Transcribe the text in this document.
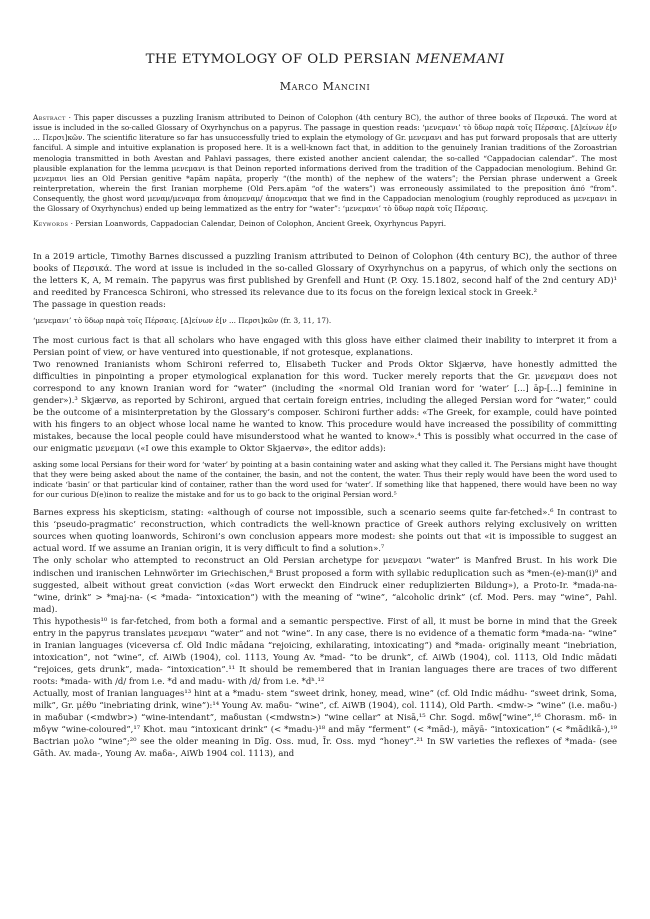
THE ETYMOLOGY OF OLD PERSIAN MENEMANI
Marco Mancini
Abstract · This paper discusses a puzzling Iranism attributed to Deinon of Colophon (4th century BC), the author of three books of Περσικά. The word at issue is included in the so-called Glossary of Oxyrhynchus on a papyrus. The passage in question reads: ‘μενεμανι’ τὸ ὕδωρ παρὰ τοῖς Πέρσαις. [Δ]είνων ἐ[ν ... Περσι]κῶν. The scientific literature so far has unsuccessfully tried to explain the etymology of Gr. μενεμανι and has put forward proposals that are utterly fanciful. A simple and intuitive explanation is proposed here. It is a well-known fact that, in addition to the genuinely Iranian traditions of the Zoroastrian menologia transmitted in both Avestan and Pahlavi passages, there existed another ancient calendar, the so-called “Cappadocian calendar”. The most plausible explanation for the lemma μενεμανι is that Deinon reported informations derived from the tradition of the Cappadocian menologium. Behind Gr. μενεμανι lies an Old Persian genitive *apām napāta, properly “(the month) of the nephew of the waters”; the Persian phrase underwent a Greek reinterpretation, wherein the first Iranian morpheme (Old Pers.apām “of the waters”) was erroneously assimilated to the preposition ἀπό “from”. Consequently, the ghost word μεναμ/μεναμα from ἀπομεναμ/ ἀπομεναμα that we find in the Cappadocian menologium (roughly reproduced as μενεμανι in the Glossary of Oxyrhynchus) ended up being lemmatized as the entry for “water”: ‘μενεμανι’ τὸ ὕδωρ παρὰ τοῖς Πέρσαις.
Keywords · Persian Loanwords, Cappadocian Calendar, Deinon of Colophon, Ancient Greek, Oxyrhyncus Papyri.

In a 2019 article, Timothy Barnes discussed a puzzling Iranism attributed to Deinon of Colophon (4th century BC), the author of three books of Περσικά. The word at issue is included in the so-called Glossary of Oxyrhynchus on a papyrus, of which only the sections on the letters K, A, M remain. The papyrus was first published by Grenfell and Hunt (P. Oxy. 15.1802, second half of the 2nd century AD)¹ and reedited by Francesca Schironi, who stressed its relevance due to its focus on the foreign lexical stock in Greek.²

The passage in question reads:

‘μενεμανι’ τὸ ὕδωρ παρὰ τοῖς Πέρσαις. [Δ]είνων ἐ[ν ... Περσι]κῶν (fr. 3, 11, 17).

The most curious fact is that all scholars who have engaged with this gloss have either claimed their inability to interpret it from a Persian point of view, or have ventured into questionable, if not grotesque, explanations.

Two renowned Iranianists whom Schironi referred to, Elisabeth Tucker and Prods Oktor Skjærvø, have honestly admitted the difficulties in pinpointing a proper etymological explanation for this word. Tucker merely reports that the Gr. μενεμανι does not correspond to any known Iranian word for “water” (including the «normal Old Iranian word for ‘water’ [...] āp-[...] feminine in gender»).³ Skjærvø, as reported by Schironi, argued that certain foreign entries, including the alleged Persian word for “water,” could be the outcome of a misinterpretation by the Glossary’s composer. Schironi further adds: «The Greek, for example, could have pointed with his fingers to an object whose local name he wanted to know. This procedure would have increased the possibility of committing mistakes, because the local people could have misunderstood what he wanted to know».⁴ This is possibly what occurred in the case of our enigmatic μενεμανι («I owe this example to Oktor Skjaervø», the editor adds):

asking some local Persians for their word for ‘water’ by pointing at a basin containing water and asking what they called it. The Persians might have thought that they were being asked about the name of the container, the basin, and not the content, the water. Thus their reply would have been the word used to indicate ‘basin’ or that particular kind of container, rather than the word used for ‘water’. If something like that happened, there would have been no way for our curious D(e)inon to realize the mistake and for us to go back to the original Persian word.⁵

Barnes express his skepticism, stating: «although of course not impossible, such a scenario seems quite far-fetched».⁶ In contrast to this ‘pseudo-pragmatic’ reconstruction, which contradicts the well-known practice of Greek authors relying exclusively on written sources when quoting loanwords, Schironi’s own conclusion appears more modest: she points out that «it is impossible to suggest an actual word. If we assume an Iranian origin, it is very difficult to find a solution».⁷

The only scholar who attempted to reconstruct an Old Persian archetype for μενεμανι “water” is Manfred Brust. In his work Die indischen und iranischen Lehnwörter im Griechischen,⁸ Brust proposed a form with syllabic reduplication such as *men-(e)-man(i)⁹ and suggested, albeit without great conviction («das Wort erweckt den Eindruck einer reduplizierten Bildung»), a Proto-Ir. *mada-na- “wine, drink” > *maj-na- (< *mada- “intoxication”) with the meaning of “wine”, “alcoholic drink” (cf. Mod. Pers. may “wine”, Pahl. mad).

This hypothesis¹⁰ is far-fetched, from both a formal and a semantic perspective. First of all, it must be borne in mind that the Greek entry in the papyrus translates μενεμανι “water” and not “wine”. In any case, there is no evidence of a thematic form *mada-na- “wine” in Iranian languages (viceversa cf. Old Indic mādana “rejoicing, exhilarating, intoxicating”) and *mada- originally meant “inebriation, intoxication”, not “wine”, cf. AiWb (1904), col. 1113, Young Av. *mad- “to be drunk”, cf. AiWb (1904), col. 1113, Old Indic mādati “rejoices, gets drunk”, mada- “intoxication”.¹¹ It should be remembered that in Iranian languages there are traces of two different roots: *mada- with /d/ from i.e. *d and madu- with /d/ from i.e. *dʰ.¹²

Actually, most of Iranian languages¹³ hint at a *madu- stem “sweet drink, honey, mead, wine” (cf. Old Indic mádhu- “sweet drink, Soma, milk”, Gr. μέθυ “inebriating drink, wine”):¹⁴ Young Av. maδu- “wine”, cf. AiWB (1904), col. 1114), Old Parth. <mdw-> “wine” (i.e. maδu-) in maδubar (<mdwbr>) “wine-intendant”, maδustan (<mdwstn>) “wine cellar” at Nisā,¹⁵ Chr. Sogd. mδw[“wine”,¹⁶ Chorasm. mδ- in mδγw “wine-coloured”,¹⁷ Khot. mau “intoxicant drink” (< *madu-)¹⁸ and māy “ferment” (< *mād-), māyā- “intoxication” (< *mādikā-),¹⁹ Bactrian μολο “wine”;²⁰ see the older meaning in Dīg. Oss. mud, Īr. Oss. myd “honey”.²¹ In SW varieties the reflexes of *mada- (see Gāth. Av. mada-, Young Av. maδa-, AiWb 1904 col. 1113), and
